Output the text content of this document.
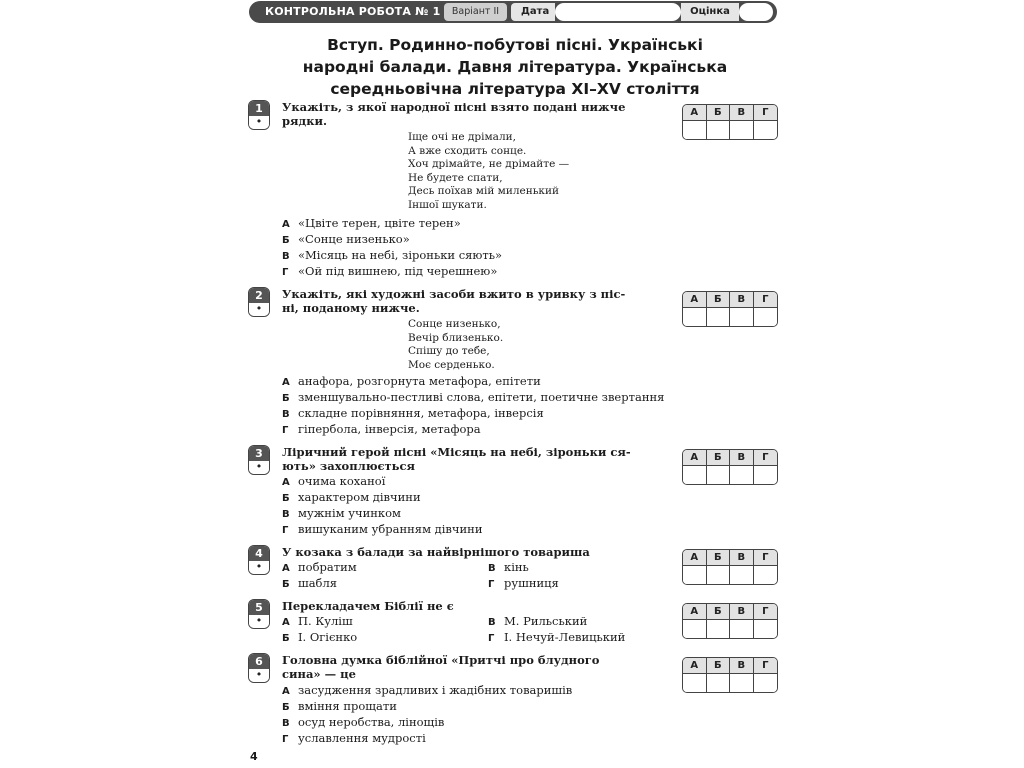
КОНТРОЛЬНА РОБОТА № 1	Варіант II	Дата	Оцінка
Вступ. Родинно-побутові пісні. Українські
народні балади. Давня література. Українська
середньовічна література XI–XV століття
1
•
Укажіть, з якої народної пісні взято подані нижче
рядки.
Іще очі не дрімали,
А вже сходить сонце.
Хоч дрімайте, не дрімайте —
Не будете спати,
Десь поїхав мій миленький
Іншої шукати.
А «Цвіте терен, цвіте терен»
Б «Сонце низенько»
В «Місяць на небі, зіроньки сяють»
Г «Ой під вишнею, під черешнею»
А	Б	В	Г
2
•
Укажіть, які художні засоби вжито в уривку з піс-
ні, поданому нижче.
Сонце низенько,
Вечір близенько.
Спішу до тебе,
Моє серденько.
А анафора, розгорнута метафора, епітети
Б зменшувально-пестливі слова, епітети, поетичне звертання
В складне порівняння, метафора, інверсія
Г гіпербола, інверсія, метафора
А	Б	В	Г
3
•
Ліричний герой пісні «Місяць на небі, зіроньки ся-
ють» захоплюється
А очима коханої
Б характером дівчини
В мужнім учинком
Г вишуканим убранням дівчини
А	Б	В	Г
4
•
У козака з балади за найвірнішого товариша
А побратим
Б шабля
В кінь
Г рушниця
А	Б	В	Г
5
•
Перекладачем Біблії не є
А П. Куліш
Б І. Огієнко
В М. Рильський
Г І. Нечуй-Левицький
А	Б	В	Г
6
•
Головна думка біблійної «Притчі про блудного
сина» — це
А засудження зрадливих і жадібних товаришів
Б вміння прощати
В осуд неробства, лінощів
Г уславлення мудрості
А	Б	В	Г
4
